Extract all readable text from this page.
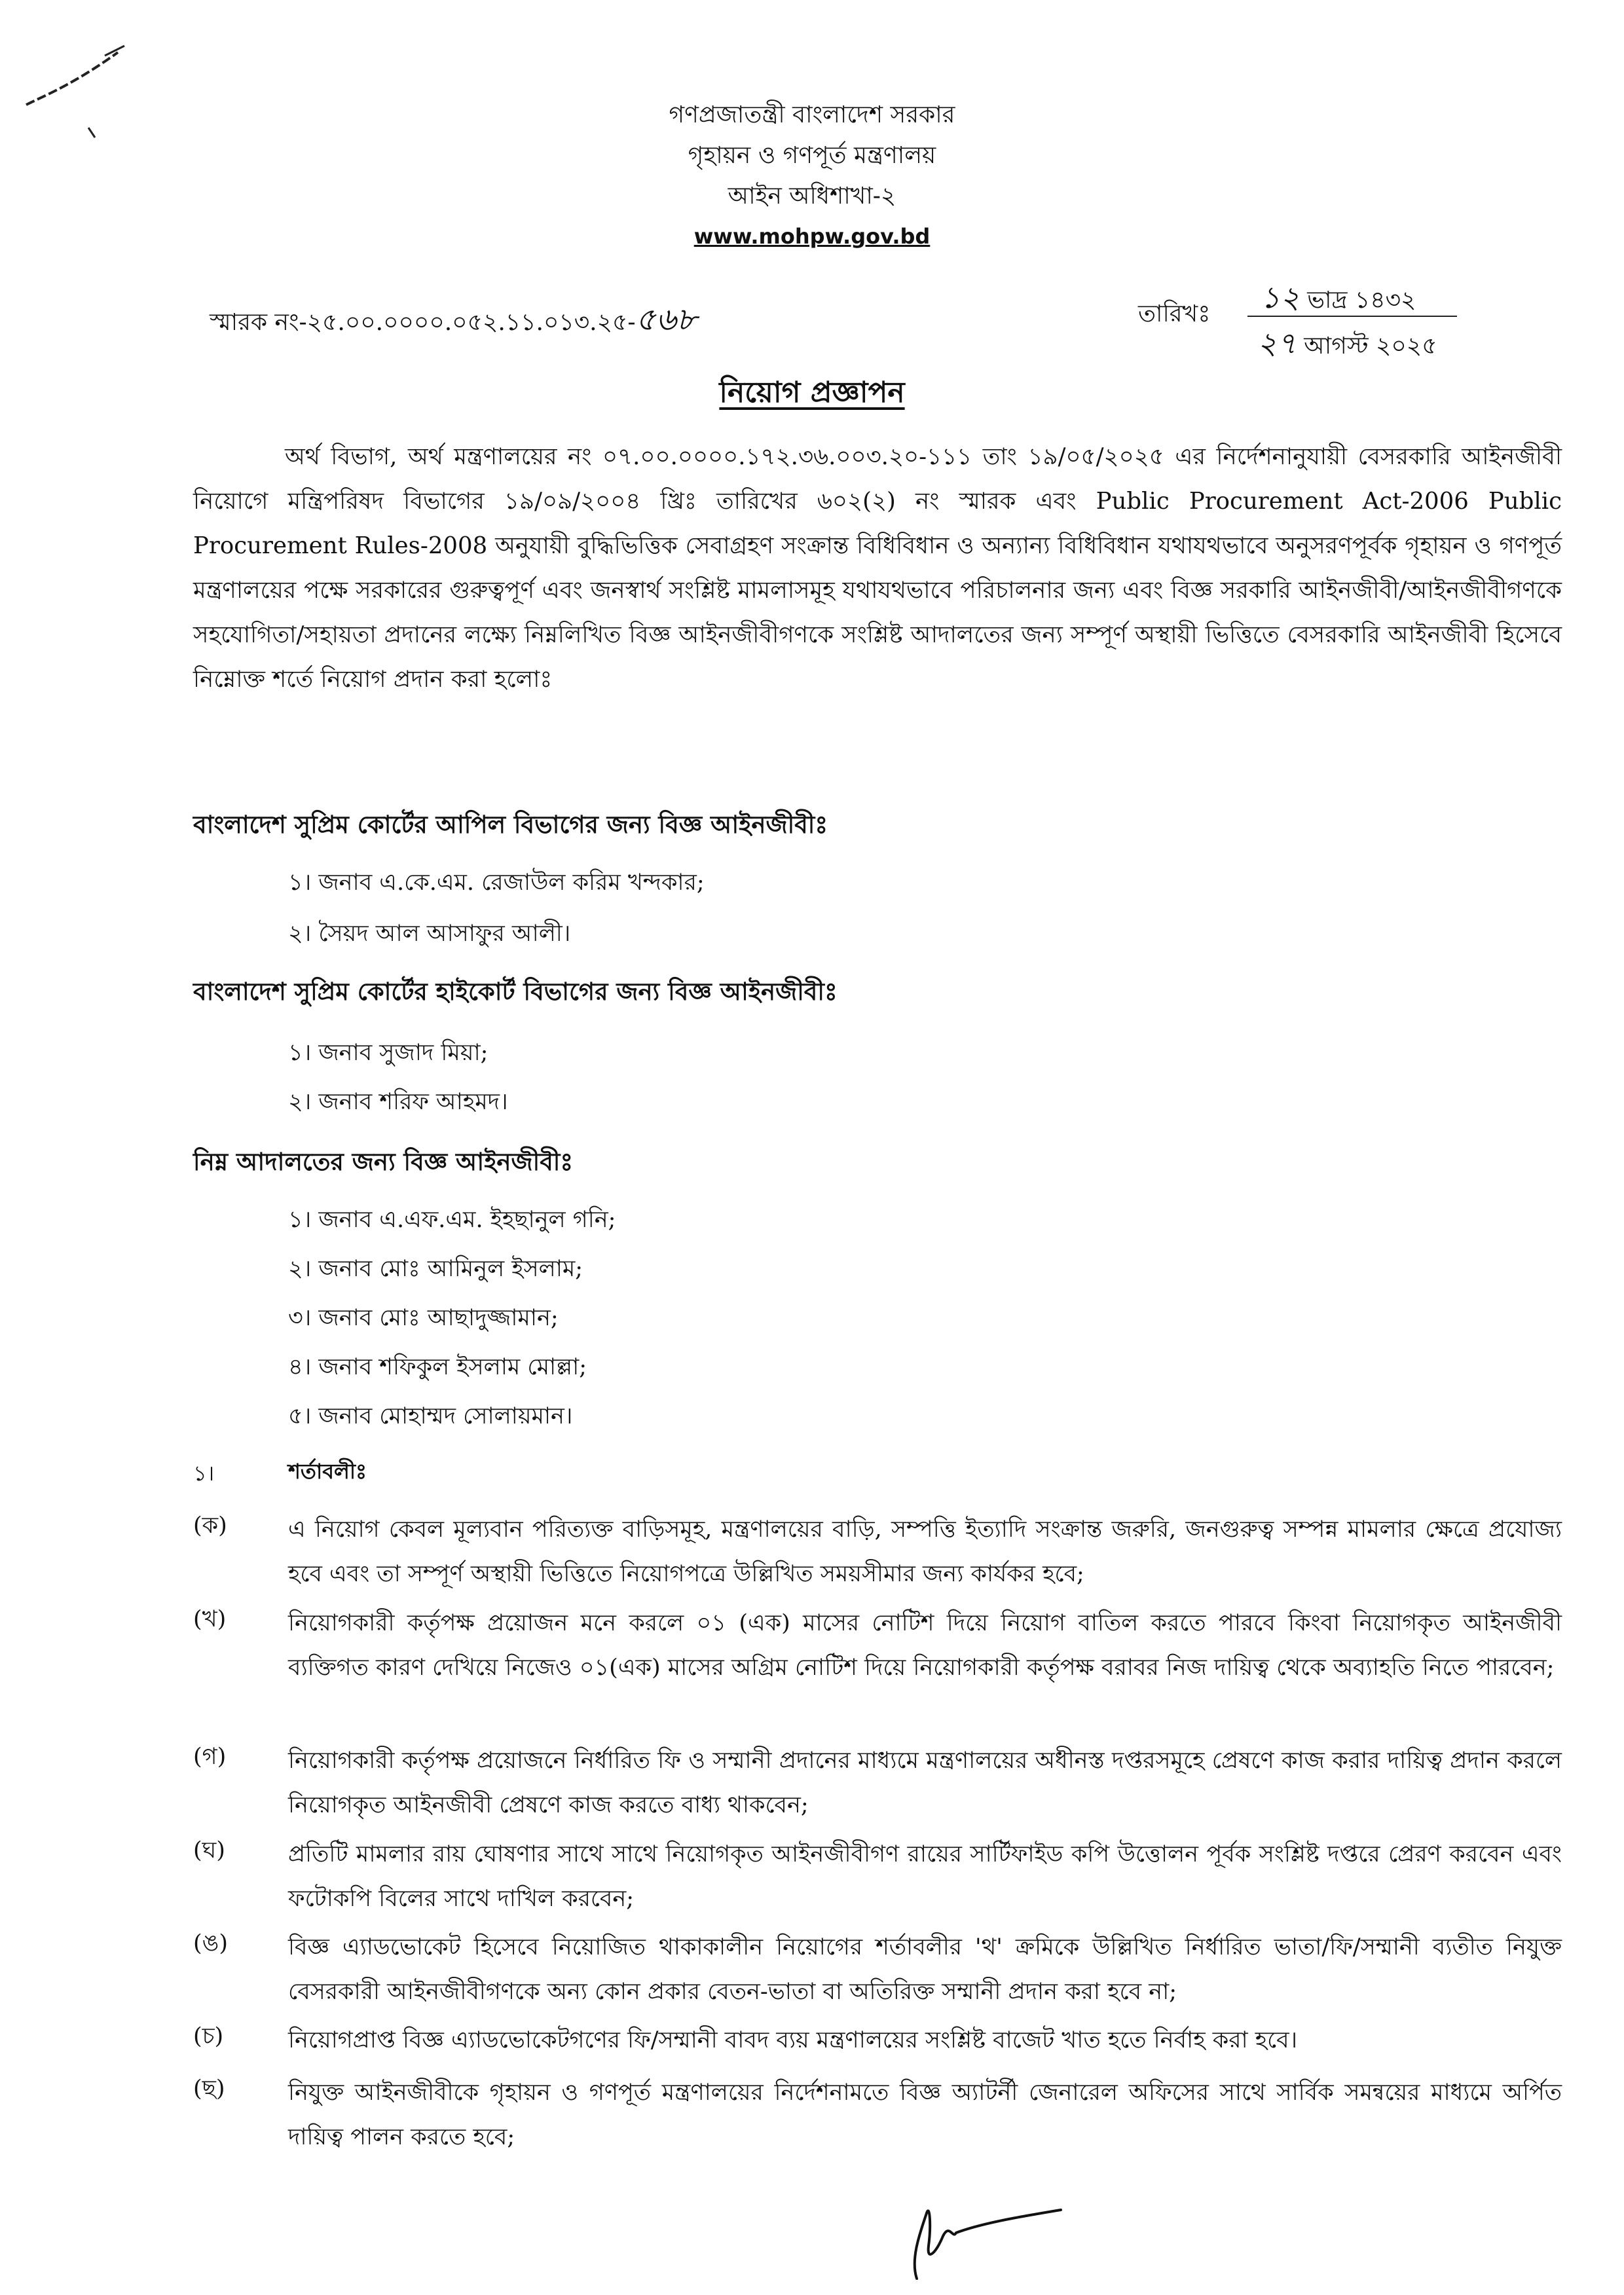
গণপ্রজাতন্ত্রী বাংলাদেশ সরকার
গৃহায়ন ও গণপূর্ত মন্ত্রণালয়
আইন অধিশাখা-২
www.mohpw.gov.bd
স্মারক নং-২৫.০০.০০০০.০৫২.১১.০১৩.২৫-৫৬৮	তারিখঃ ১২ ভাদ্র ১৪৩২
২৭ আগস্ট ২০২৫
নিয়োগ প্রজ্ঞাপন

অর্থ বিভাগ, অর্থ মন্ত্রণালয়ের নং ০৭.০০.০০০০.১৭২.৩৬.০০৩.২০-১১১ তাং ১৯/০৫/২০২৫ এর নির্দেশনানুযায়ী বেসরকারি আইনজীবী নিয়োগে মন্ত্রিপরিষদ বিভাগের ১৯/০৯/২০০৪ খ্রিঃ তারিখের ৬০২(২) নং স্মারক এবং Public Procurement Act-2006 Public Procurement Rules-2008 অনুযায়ী বুদ্ধিভিত্তিক সেবাগ্রহণ সংক্রান্ত বিধিবিধান ও অন্যান্য বিধিবিধান যথাযথভাবে অনুসরণপূর্বক গৃহায়ন ও গণপূর্ত মন্ত্রণালয়ের পক্ষে সরকারের গুরুত্বপূর্ণ এবং জনস্বার্থ সংশ্লিষ্ট মামলাসমূহ যথাযথভাবে পরিচালনার জন্য এবং বিজ্ঞ সরকারি আইনজীবী/আইনজীবীগণকে সহযোগিতা/সহায়তা প্রদানের লক্ষ্যে নিম্নলিখিত বিজ্ঞ আইনজীবীগণকে সংশ্লিষ্ট আদালতের জন্য সম্পূর্ণ অস্থায়ী ভিত্তিতে বেসরকারি আইনজীবী হিসেবে নিম্নোক্ত শর্তে নিয়োগ প্রদান করা হলোঃ

বাংলাদেশ সুপ্রিম কোর্টের আপিল বিভাগের জন্য বিজ্ঞ আইনজীবীঃ
১। জনাব এ.কে.এম. রেজাউল করিম খন্দকার;
২। সৈয়দ আল আসাফুর আলী।
বাংলাদেশ সুপ্রিম কোর্টের হাইকোর্ট বিভাগের জন্য বিজ্ঞ আইনজীবীঃ
১। জনাব সুজাদ মিয়া;
২। জনাব শরিফ আহমদ।
নিম্ন আদালতের জন্য বিজ্ঞ আইনজীবীঃ
১। জনাব এ.এফ.এম. ইহছানুল গনি;
২। জনাব মোঃ আমিনুল ইসলাম;
৩। জনাব মোঃ আছাদুজ্জামান;
৪। জনাব শফিকুল ইসলাম মোল্লা;
৫। জনাব মোহাম্মদ সোলায়মান।
১।	শর্তাবলীঃ
(ক)	এ নিয়োগ কেবল মূল্যবান পরিত্যক্ত বাড়িসমূহ, মন্ত্রণালয়ের বাড়ি, সম্পত্তি ইত্যাদি সংক্রান্ত জরুরি, জনগুরুত্ব সম্পন্ন মামলার ক্ষেত্রে প্রযোজ্য হবে এবং তা সম্পূর্ণ অস্থায়ী ভিত্তিতে নিয়োগপত্রে উল্লিখিত সময়সীমার জন্য কার্যকর হবে;

(খ)	নিয়োগকারী কর্তৃপক্ষ প্রয়োজন মনে করলে ০১ (এক) মাসের নোটিশ দিয়ে নিয়োগ বাতিল করতে পারবে কিংবা নিয়োগকৃত আইনজীবী ব্যক্তিগত কারণ দেখিয়ে নিজেও ০১(এক) মাসের অগ্রিম নোটিশ দিয়ে নিয়োগকারী কর্তৃপক্ষ বরাবর নিজ দায়িত্ব থেকে অব্যাহতি নিতে পারবেন;

(গ)	নিয়োগকারী কর্তৃপক্ষ প্রয়োজনে নির্ধারিত ফি ও সম্মানী প্রদানের মাধ্যমে মন্ত্রণালয়ের অধীনস্ত দপ্তরসমূহে প্রেষণে কাজ করার দায়িত্ব প্রদান করলে নিয়োগকৃত আইনজীবী প্রেষণে কাজ করতে বাধ্য থাকবেন;

(ঘ)	প্রতিটি মামলার রায় ঘোষণার সাথে সাথে নিয়োগকৃত আইনজীবীগণ রায়ের সার্টিফাইড কপি উত্তোলন পূর্বক সংশ্লিষ্ট দপ্তরে প্রেরণ করবেন এবং ফটোকপি বিলের সাথে দাখিল করবেন;

(ঙ)	বিজ্ঞ এ্যাডভোকেট হিসেবে নিয়োজিত থাকাকালীন নিয়োগের শর্তাবলীর 'থ' ক্রমিকে উল্লিখিত নির্ধারিত ভাতা/ফি/সম্মানী ব্যতীত নিযুক্ত বেসরকারী আইনজীবীগণকে অন্য কোন প্রকার বেতন-ভাতা বা অতিরিক্ত সম্মানী প্রদান করা হবে না;

(চ)	নিয়োগপ্রাপ্ত বিজ্ঞ এ্যাডভোকেটগণের ফি/সম্মানী বাবদ ব্যয় মন্ত্রণালয়ের সংশ্লিষ্ট বাজেট খাত হতে নির্বাহ করা হবে।

(ছ)	নিযুক্ত আইনজীবীকে গৃহায়ন ও গণপূর্ত মন্ত্রণালয়ের নির্দেশনামতে বিজ্ঞ অ্যাটর্নী জেনারেল অফিসের সাথে সার্বিক সমন্বয়ের মাধ্যমে অর্পিত দায়িত্ব পালন করতে হবে;
